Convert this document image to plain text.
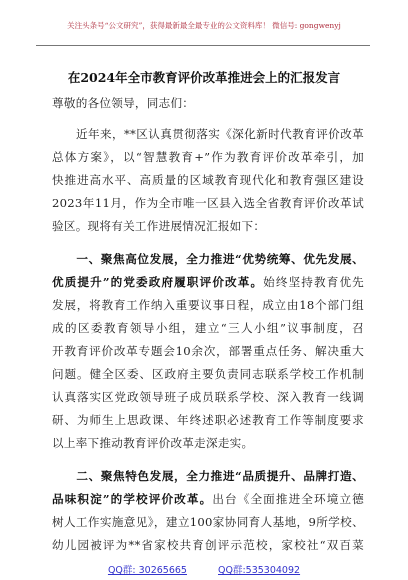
关注头条号“公文研究”，获得最新最全最专业的公文资料库！ 微信号: gongwenyj
在2024年全市教育评价改革推进会上的汇报发言
尊敬的各位领导，同志们：
　　近年来，**区认真贯彻落实《深化新时代教育评价改革
总体方案》，以“智慧教育+”作为教育评价改革牵引，加
快推进高水平、高质量的区域教育现代化和教育强区建设
2023年11月，作为全市唯一区县入选全省教育评价改革试
验区。现将有关工作进展情况汇报如下：
　　一、聚焦高位发展，全力推进“优势统筹、优先发展、
优质提升”的党委政府履职评价改革。始终坚持教育优先
发展，将教育工作纳入重要议事日程，成立由18个部门组
成的区委教育领导小组，建立“三人小组”议事制度，召
开教育评价改革专题会10余次，部署重点任务、解决重大
问题。健全区委、区政府主要负责同志联系学校工作机制
认真落实区党政领导班子成员联系学校、深入教育一线调
研、为师生上思政课、年终述职必述教育工作等制度要求
以上率下推动教育评价改革走深走实。
　　二、聚焦特色发展，全力推进“品质提升、品牌打造、
品味积淀”的学校评价改革。出台《全面推进全环境立德
树人工作实施意见》，建立100家协同育人基地，9所学校、
幼儿园被评为**省家校共育创评示范校，家校社“双百菜
QQ群: 30265665	QQ群:535304092
